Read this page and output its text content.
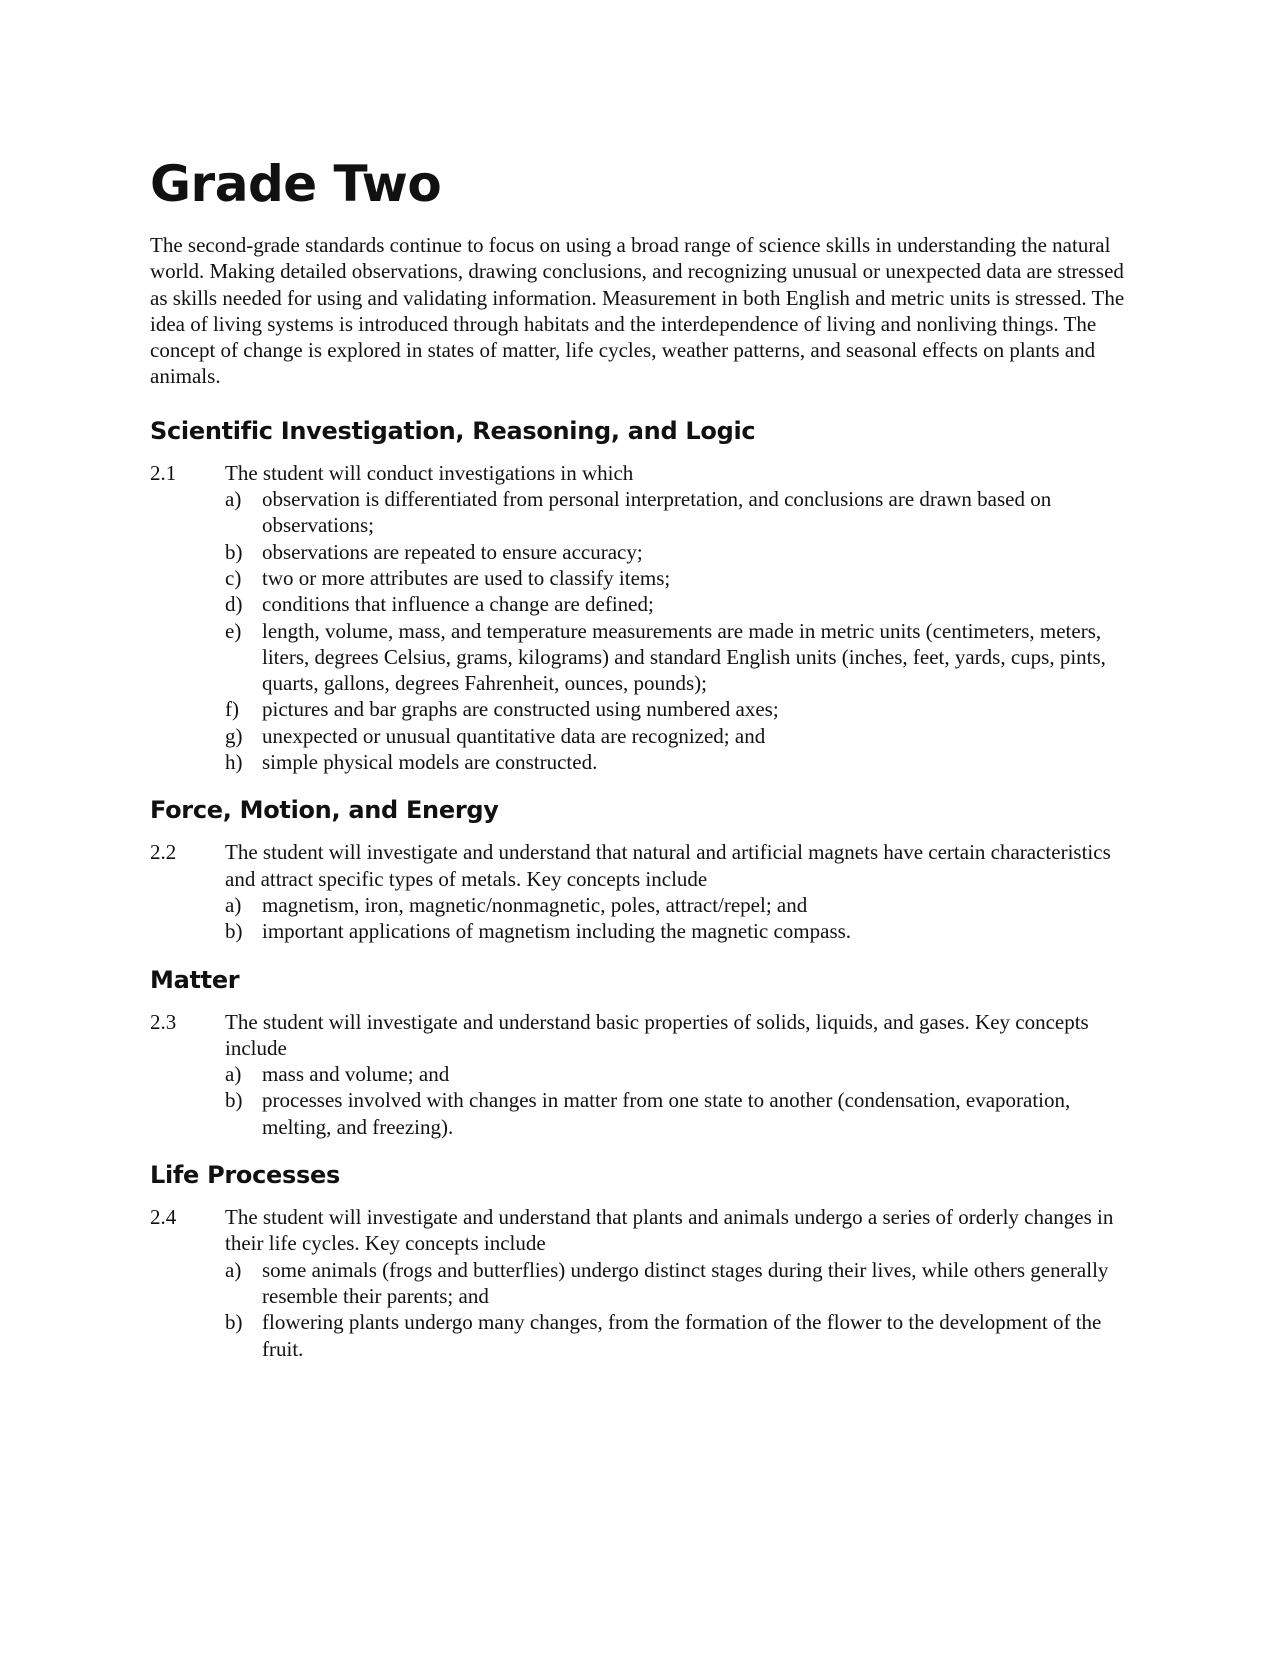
Grade Two

The second-grade standards continue to focus on using a broad range of science skills in understanding the natural world. Making detailed observations, drawing conclusions, and recognizing unusual or unexpected data are stressed as skills needed for using and validating information. Measurement in both English and metric units is stressed. The idea of living systems is introduced through habitats and the interdependence of living and nonliving things. The concept of change is explored in states of matter, life cycles, weather patterns, and seasonal effects on plants and animals.

Scientific Investigation, Reasoning, and Logic
2.1	The student will conduct investigations in which
a) observation is differentiated from personal interpretation, and conclusions are drawn based on observations;
b) observations are repeated to ensure accuracy;
c) two or more attributes are used to classify items;
d) conditions that influence a change are defined;
e) length, volume, mass, and temperature measurements are made in metric units (centimeters, meters, liters, degrees Celsius, grams, kilograms) and standard English units (inches, feet, yards, cups, pints, quarts, gallons, degrees Fahrenheit, ounces, pounds);
f)	pictures and bar graphs are constructed using numbered axes;
g) unexpected or unusual quantitative data are recognized; and
h) simple physical models are constructed.
Force, Motion, and Energy
2.2	The student will investigate and understand that natural and artificial magnets have certain characteristics and attract specific types of metals. Key concepts include
a) magnetism, iron, magnetic/nonmagnetic, poles, attract/repel; and
b) important applications of magnetism including the magnetic compass.
Matter
2.3	The student will investigate and understand basic properties of solids, liquids, and gases. Key concepts include
a) mass and volume; and
b) processes involved with changes in matter from one state to another (condensation, evaporation, melting, and freezing).
Life Processes
2.4	The student will investigate and understand that plants and animals undergo a series of orderly changes in their life cycles. Key concepts include
a) some animals (frogs and butterflies) undergo distinct stages during their lives, while others generally resemble their parents; and
b) flowering plants undergo many changes, from the formation of the flower to the development of the fruit.
